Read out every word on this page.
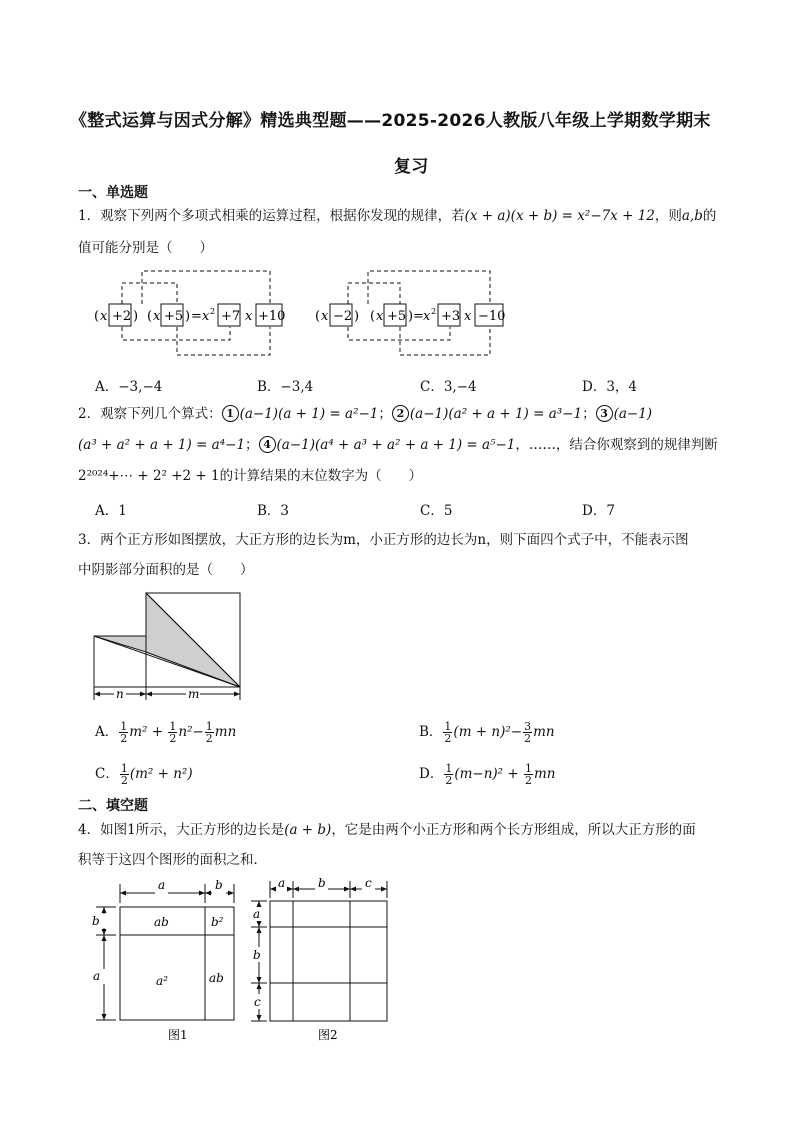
《整式运算与因式分解》精选典型题——2025-2026人教版八年级上学期数学期末
复习
一、单选题
1．观察下列两个多项式相乘的运算过程，根据你发现的规律，若(x + a)(x + b) = x²−7x + 12，则a,b的
值可能分别是（　　）
( x +2 ) ( x +5 ) = x 2 +7 x +10 ( x −2 ) ( x +5 ) = x 2 +3 x −10
A．−3,−4	B．−3,4	C．3,−4	D．3，4
2．观察下列几个算式： 1 (a−1)(a + 1) = a²−1； 2 (a−1)(a² + a + 1) = a³−1； 3 (a−1)
(a³ + a² + a + 1) = a⁴−1； 4 (a−1)(a⁴ + a³ + a² + a + 1) = a⁵−1，……，结合你观察到的规律判断
2²⁰²⁴+⋯ + 2² +2 + 1的计算结果的末位数字为（　　）
A．1	B．3	C．5	D．7
3．两个正方形如图摆放，大正方形的边长为m，小正方形的边长为n，则下面四个式子中，不能表示图
中阴影部分面积的是（　　）
n	m
A． $\frac{1}{2} m^2 + \frac{1}{2} n^2- \frac{1}{2}$ mn	B． $\frac{1}{2} (m + n)^2- \frac{3}{2}$ mn
C． $\frac{1}{2} (m^2 + n^2)$	D． $\frac{1}{2} (m-n)^2 + \frac{1}{2}$ mn
二、填空题
4．如图1所示，大正方形的边长是(a + b)，它是由两个小正方形和两个长方形组成，所以大正方形的面
积等于这四个图形的面积之和．
a	b
b
a
ab	b²
a²	ab
图1
a	b	c
a
b
c
图2
